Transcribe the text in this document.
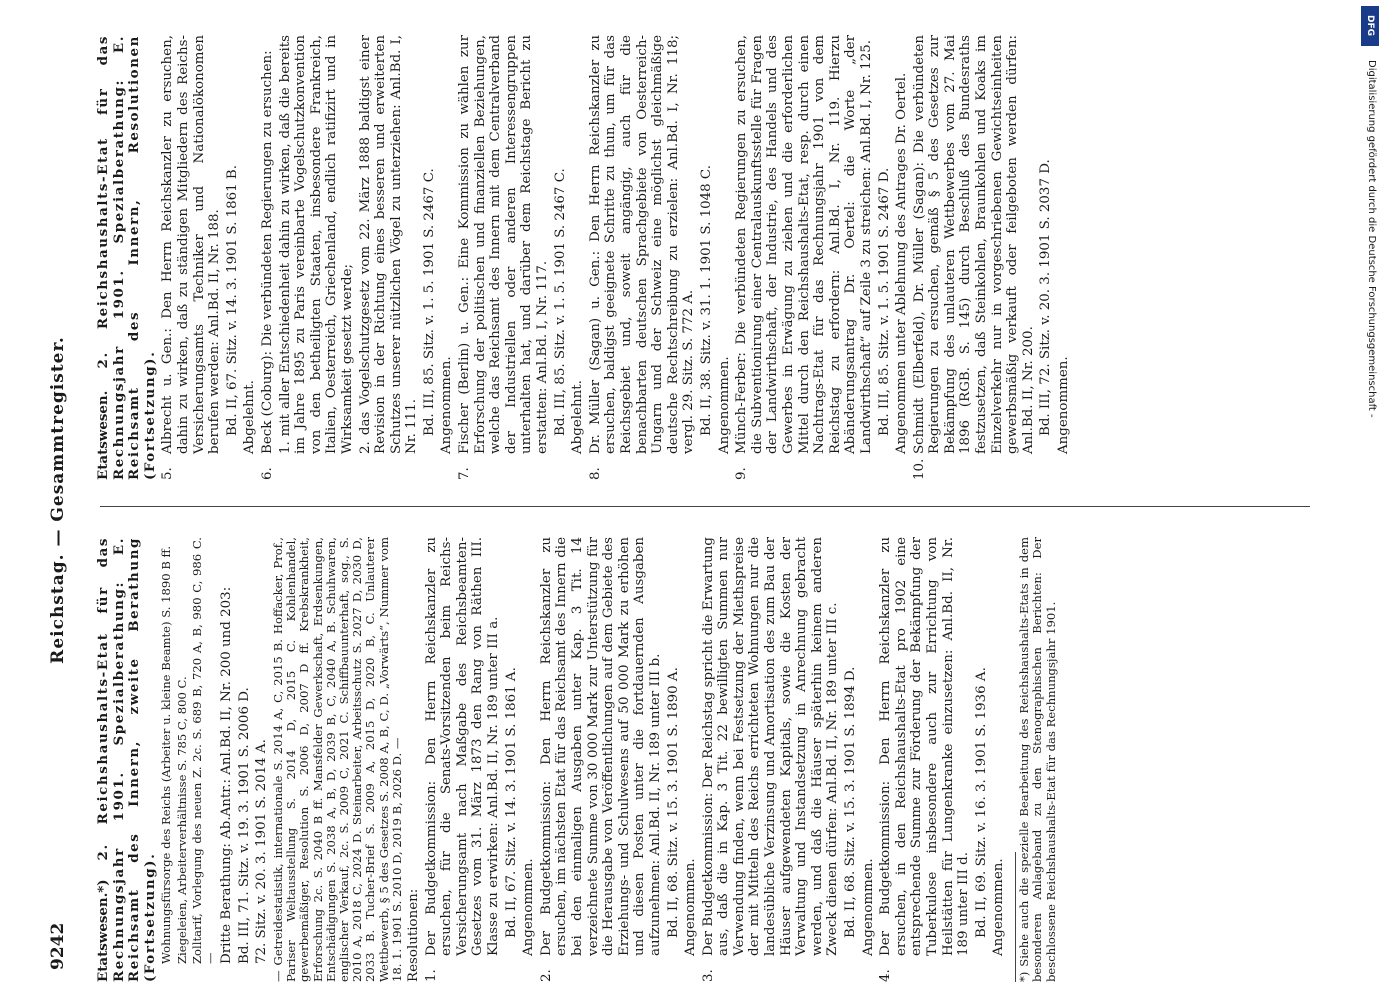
DFG
Digitalisierung gefördert durch die Deutsche Forschungsgemeinschaft -
9242
Reichstag. — Gesammtregister.

Etatswesen.*) 2. Reichshaushalts-Etat für das Rechnungsjahr 1901. Spezialberathung: E. Reichsamt des Innern, zweite Berathung (Fortsetzung). Wohnungsfürsorge des Reichs (Arbeiter u. kleine Beamte) S. 1890 B ff. Ziegeleien, Arbeiterverhältnisse S. 785 C, 800 C. Zolltarif, Vorlegung des neuen Z. 2c. S. 689 B, 720 A, B, 980 C, 986 C. — Dritte Berathung: Ab.Antr.: Anl.Bd. II, Nr. 200 und 203: Bd. III, 71. Sitz. v. 19. 3. 1901 S. 2006 D. 72. Sitz. v. 20. 3. 1901 S. 2014 A. — Getreidestatistik, internationale S. 2014 A, C, 2015 B. Hoffacker, Prof., Pariser Weltausstellung S. 2014 D, 2015 C. Kohlenhandel, gewerbemäßiger, Resolution S. 2006 D, 2007 D ff. Krebskrankheit, Erforschung 2c. S. 2040 B ff. Mansfelder Gewerkschaft, Erdsenkungen, Entschädigungen S. 2038 A, B, D, 2039 B, C, 2040 A, B. Schuhwaren, englischer Verkauf, 2c. S. 2009 C, 2021 C. Schiffbauunterhaft, sog., S. 2010 A, 2018 C, 2024 D. Steinarbeiter, Arbeitsschutz S. 2027 D, 2030 D, 2033 B. Tucher-Brief S. 2009 A, 2015 D, 2020 B, C. Unlauterer Wettbewerb, § 5 des Gesetzes S. 2008 A, B, C, D. „Vorwärts“, Nummer vom 18. 1. 1901 S. 2010 D, 2019 B, 2026 D. — Resolutionen: 1.

Der Budgetkommission: Den Herrn Reichskanzler zu ersuchen, für die Senats-Vorsitzenden beim Reichs-Versicherungsamt nach Maßgabe des Reichsbeamten-Gesetzes vom 31. März 1873 den Rang von Räthen III. Klasse zu erwirken: Anl.Bd. II, Nr. 189 unter III a. Bd. II, 67. Sitz. v. 14. 3. 1901 S. 1861 A. Angenommen.

2.

Der Budgetkommission: Den Herrn Reichskanzler zu ersuchen, im nächsten Etat für das Reichsamt des Innern die bei den einmaligen Ausgaben unter Kap. 3 Tit. 14 verzeichnete Summe von 30 000 Mark zur Unterstützung für die Herausgabe von Veröffentlichungen auf dem Gebiete des Erziehungs- und Schulwesens auf 50 000 Mark zu erhöhen und diesen Posten unter die fortdauernden Ausgaben aufzunehmen: Anl.Bd. II, Nr. 189 unter III b. Bd. II, 68. Sitz. v. 15. 3. 1901 S. 1890 A. Angenommen.

3.

Der Budgetkommission: Der Reichstag spricht die Erwartung aus, daß die in Kap. 3 Tit. 22 bewilligten Summen nur Verwendung finden, wenn bei Festsetzung der Miethspreise der mit Mitteln des Reichs errichteten Wohnungen nur die landesübliche Verzinsung und Amortisation des zum Bau der Häuser aufgewendeten Kapitals, sowie die Kosten der Verwaltung und Instandsetzung in Anrechnung gebracht werden, und daß die Häuser späterhin keinem anderen Zweck dienen dürfen: Anl.Bd. II, Nr. 189 unter III c. Bd. II, 68. Sitz. v. 15. 3. 1901 S. 1894 D. Angenommen.

4.

Der Budgetkommission: Den Herrn Reichskanzler zu ersuchen, in den Reichshaushalts-Etat pro 1902 eine entsprechende Summe zur Förderung der Bekämpfung der Tuberkulose insbesondere auch zur Errichtung von Heilstätten für Lungenkranke einzusetzen: Anl.Bd. II, Nr. 189 unter III d. Bd. II, 69. Sitz. v. 16. 3. 1901 S. 1936 A. Angenommen. *) Siehe auch die spezielle Bearbeitung des Reichshaushalts-Etats in dem besonderen Anlageband zu den Stenographischen Berichten: Der beschlossene Reichshaushalts-Etat für das Rechnungsjahr 1901.

Etatswesen. 2. Reichshaushalts-Etat für das Rechnungsjahr 1901. Spezialberathung: E. Reichsamt des Innern, Resolutionen (Fortsetzung). 5.

Albrecht u. Gen.: Den Herrn Reichskanzler zu ersuchen, dahin zu wirken, daß zu ständigen Mitgliedern des Reichs-Versicherungsamts Techniker und Nationalökonomen berufen werden: Anl.Bd. II, Nr. 188. Bd. II, 67. Sitz. v. 14. 3. 1901 S. 1861 B. Abgelehnt.

6.

Beck (Coburg): Die verbündeten Regierungen zu ersuchen: 1. mit aller Entschiedenheit dahin zu wirken, daß die bereits im Jahre 1895 zu Paris vereinbarte Vogelschutzkonvention von den betheiligten Staaten, insbesondere Frankreich, Italien, Oesterreich, Griechenland, endlich ratifizirt und in Wirksamkeit gesetzt werde; 2. das Vogelschutzgesetz vom 22. März 1888 baldigst einer Revision in der Richtung eines besseren und erweiterten Schutzes unserer nützlichen Vögel zu unterziehen: Anl.Bd. I, Nr. 111. Bd. III, 85. Sitz. v. 1. 5. 1901 S. 2467 C. Angenommen.

7.

Fischer (Berlin) u. Gen.: Eine Kommission zu wählen zur Erforschung der politischen und finanziellen Beziehungen, welche das Reichsamt des Innern mit dem Centralverband der Industriellen oder anderen Interessengruppen unterhalten hat, und darüber dem Reichstage Bericht zu erstatten: Anl.Bd. I, Nr. 117. Bd. III, 85. Sitz. v. 1. 5. 1901 S. 2467 C. Abgelehnt.

8.

Dr. Müller (Sagan) u. Gen.: Den Herrn Reichskanzler zu ersuchen, baldigst geeignete Schritte zu thun, um für das Reichsgebiet und, soweit angängig, auch für die benachbarten deutschen Sprachgebiete von Oesterreich-Ungarn und der Schweiz eine möglichst gleichmäßige deutsche Rechtschreibung zu erzielen: Anl.Bd. I, Nr. 118; vergl. 29. Sitz. S. 772 A. Bd. II, 38. Sitz. v. 31. 1. 1901 S. 1048 C. Angenommen.

9.

Münch-Ferber: Die verbündeten Regierungen zu ersuchen, die Subventionirung einer Centralauskunftsstelle für Fragen der Landwirthschaft, der Industrie, des Handels und des Gewerbes in Erwägung zu ziehen und die erforderlichen Mittel durch den Reichshaushalts-Etat, resp. durch einen Nachtrags-Etat für das Rechnungsjahr 1901 von dem Reichstag zu erfordern: Anl.Bd. I, Nr. 119. Hierzu Abänderungsantrag Dr. Oertel: die Worte „der Landwirthschaft“ auf Zeile 3 zu streichen: Anl.Bd. I, Nr. 125. Bd. III, 85. Sitz. v. 1. 5. 1901 S. 2467 D. Angenommen unter Ablehnung des Antrages Dr. Oertel.

10.

Schmidt (Elberfeld), Dr. Müller (Sagan): Die verbündeten Regierungen zu ersuchen, gemäß § 5 des Gesetzes zur Bekämpfung des unlauteren Wettbewerbes vom 27. Mai 1896 (RGB. S. 145) durch Beschluß des Bundesraths festzusetzen, daß Steinkohlen, Braunkohlen und Koaks im Einzelverkehr nur in vorgeschriebenen Gewichtseinheiten gewerbsmäßig verkauft oder feilgeboten werden dürfen: Anl.Bd. II, Nr. 200. Bd. III, 72. Sitz. v. 20. 3. 1901 S. 2037 D. Angenommen.
